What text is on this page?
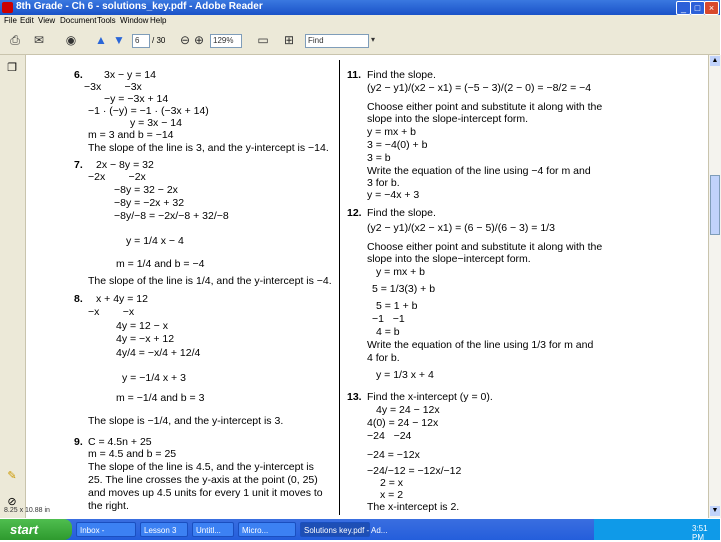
8th Grade - Ch 6 - solutions_key.pdf - Adobe Reader	_ □ ×
File Edit View Document Tools Window Help
⎙ ✉ ◉ ▲ ▼	6	/ 30 ⊖ ⊕	129%	▭ ⊞	Find	▾
❐
✎
⊘
6. 3x − y = 14
−3x        −3x
−y = −3x + 14
−1 · (−y) = −1 · (−3x + 14)
y = 3x − 14
m = 3 and b = −14
The slope of the line is 3, and the y-intercept is −14.
7. 2x − 8y = 32
−2x        −2x
−8y = 32 − 2x
−8y = −2x + 32
−8y/−8 = −2x/−8 + 32/−8
y = 1/4 x − 4
m = 1/4 and b = −4
The slope of the line is 1/4, and the y-intercept is −4.
8. x + 4y = 12
−x        −x
4y = 12 − x
4y = −x + 12
4y/4 = −x/4 + 12/4
y = −1/4 x + 3
m = −1/4 and b = 3
The slope is −1/4, and the y-intercept is 3.
9. C = 4.5n + 25
m = 4.5 and b = 25
The slope of the line is 4.5, and the y-intercept is
25. The line crosses the y-axis at the point (0, 25)
and moves up 4.5 units for every 1 unit it moves to
the right.
11. Find the slope.
(y2 − y1)/(x2 − x1) = (−5 − 3)/(2 − 0) = −8/2 = −4
Choose either point and substitute it along with the
slope into the slope-intercept form.
y = mx + b
3 = −4(0) + b
3 = b
Write the equation of the line using −4 for m and
3 for b.
y = −4x + 3
12. Find the slope.
(y2 − y1)/(x2 − x1) = (6 − 5)/(6 − 3) = 1/3
Choose either point and substitute it along with the
slope into the slope−intercept form.
y = mx + b
5 = 1/3(3) + b
5 = 1 + b
−1   −1
4 = b
Write the equation of the line using 1/3 for m and
4 for b.
y = 1/3 x + 4
13. Find the x-intercept (y = 0).
4y = 24 − 12x
4(0) = 24 − 12x
−24   −24
−24 = −12x
−24/−12 = −12x/−12
2 = x
x = 2
The x-intercept is 2.
▲
▼
8.25 x 10.88 in
start	Inbox -	Lesson 3	Untitl...	Micro...	Solutions key.pdf - Ad...	3:51 PM
